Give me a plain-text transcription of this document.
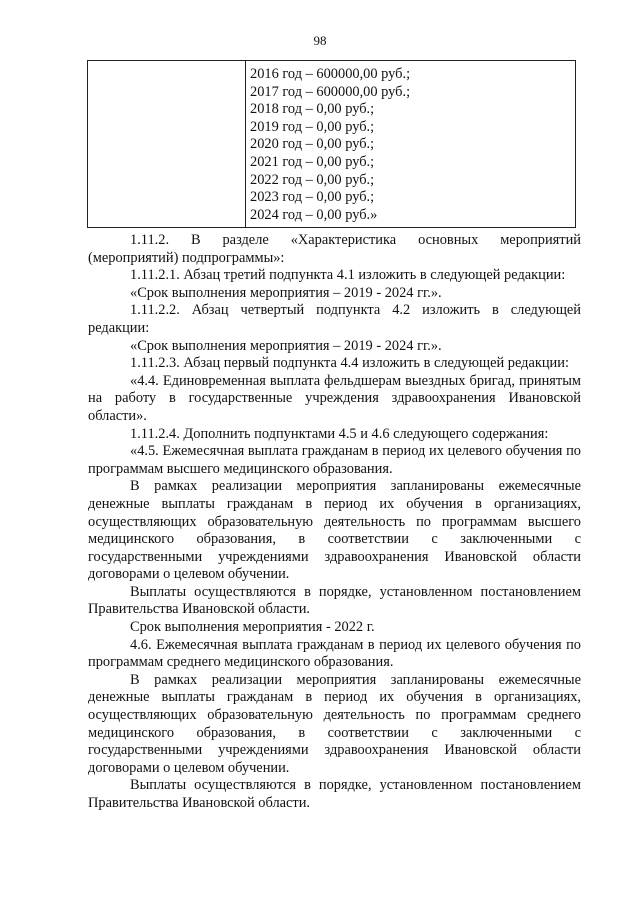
98
2016 год – 600000,00 руб.;
2017 год – 600000,00 руб.;
2018 год – 0,00 руб.;
2019 год – 0,00 руб.;
2020 год – 0,00 руб.;
2021 год – 0,00 руб.;
2022 год – 0,00 руб.;
2023 год – 0,00 руб.;
2024 год – 0,00 руб.»

1.11.2. В разделе «Характеристика основных мероприятий (мероприятий) подпрограммы»:

1.11.2.1. Абзац третий подпункта 4.1 изложить в следующей редакции:

«Срок выполнения мероприятия – 2019 - 2024 гг.».

1.11.2.2. Абзац четвертый подпункта 4.2 изложить в следующей редакции:

«Срок выполнения мероприятия – 2019 - 2024 гг.».

1.11.2.3. Абзац первый подпункта 4.4 изложить в следующей редакции:

«4.4. Единовременная выплата фельдшерам выездных бригад, принятым на работу в государственные учреждения здравоохранения Ивановской области».

1.11.2.4. Дополнить подпунктами 4.5 и 4.6 следующего содержания:

«4.5. Ежемесячная выплата гражданам в период их целевого обучения по программам высшего медицинского образования.

В рамках реализации мероприятия запланированы ежемесячные денежные выплаты гражданам в период их обучения в организациях, осуществляющих образовательную деятельность по программам высшего медицинского образования, в соответствии с заключенными с государственными учреждениями здравоохранения Ивановской области договорами о целевом обучении.

Выплаты осуществляются в порядке, установленном постановлением Правительства Ивановской области.

Срок выполнения мероприятия - 2022 г.

4.6. Ежемесячная выплата гражданам в период их целевого обучения по программам среднего медицинского образования.

В рамках реализации мероприятия запланированы ежемесячные денежные выплаты гражданам в период их обучения в организациях, осуществляющих образовательную деятельность по программам среднего медицинского образования, в соответствии с заключенными с государственными учреждениями здравоохранения Ивановской области договорами о целевом обучении.

Выплаты осуществляются в порядке, установленном постановлением Правительства Ивановской области.
